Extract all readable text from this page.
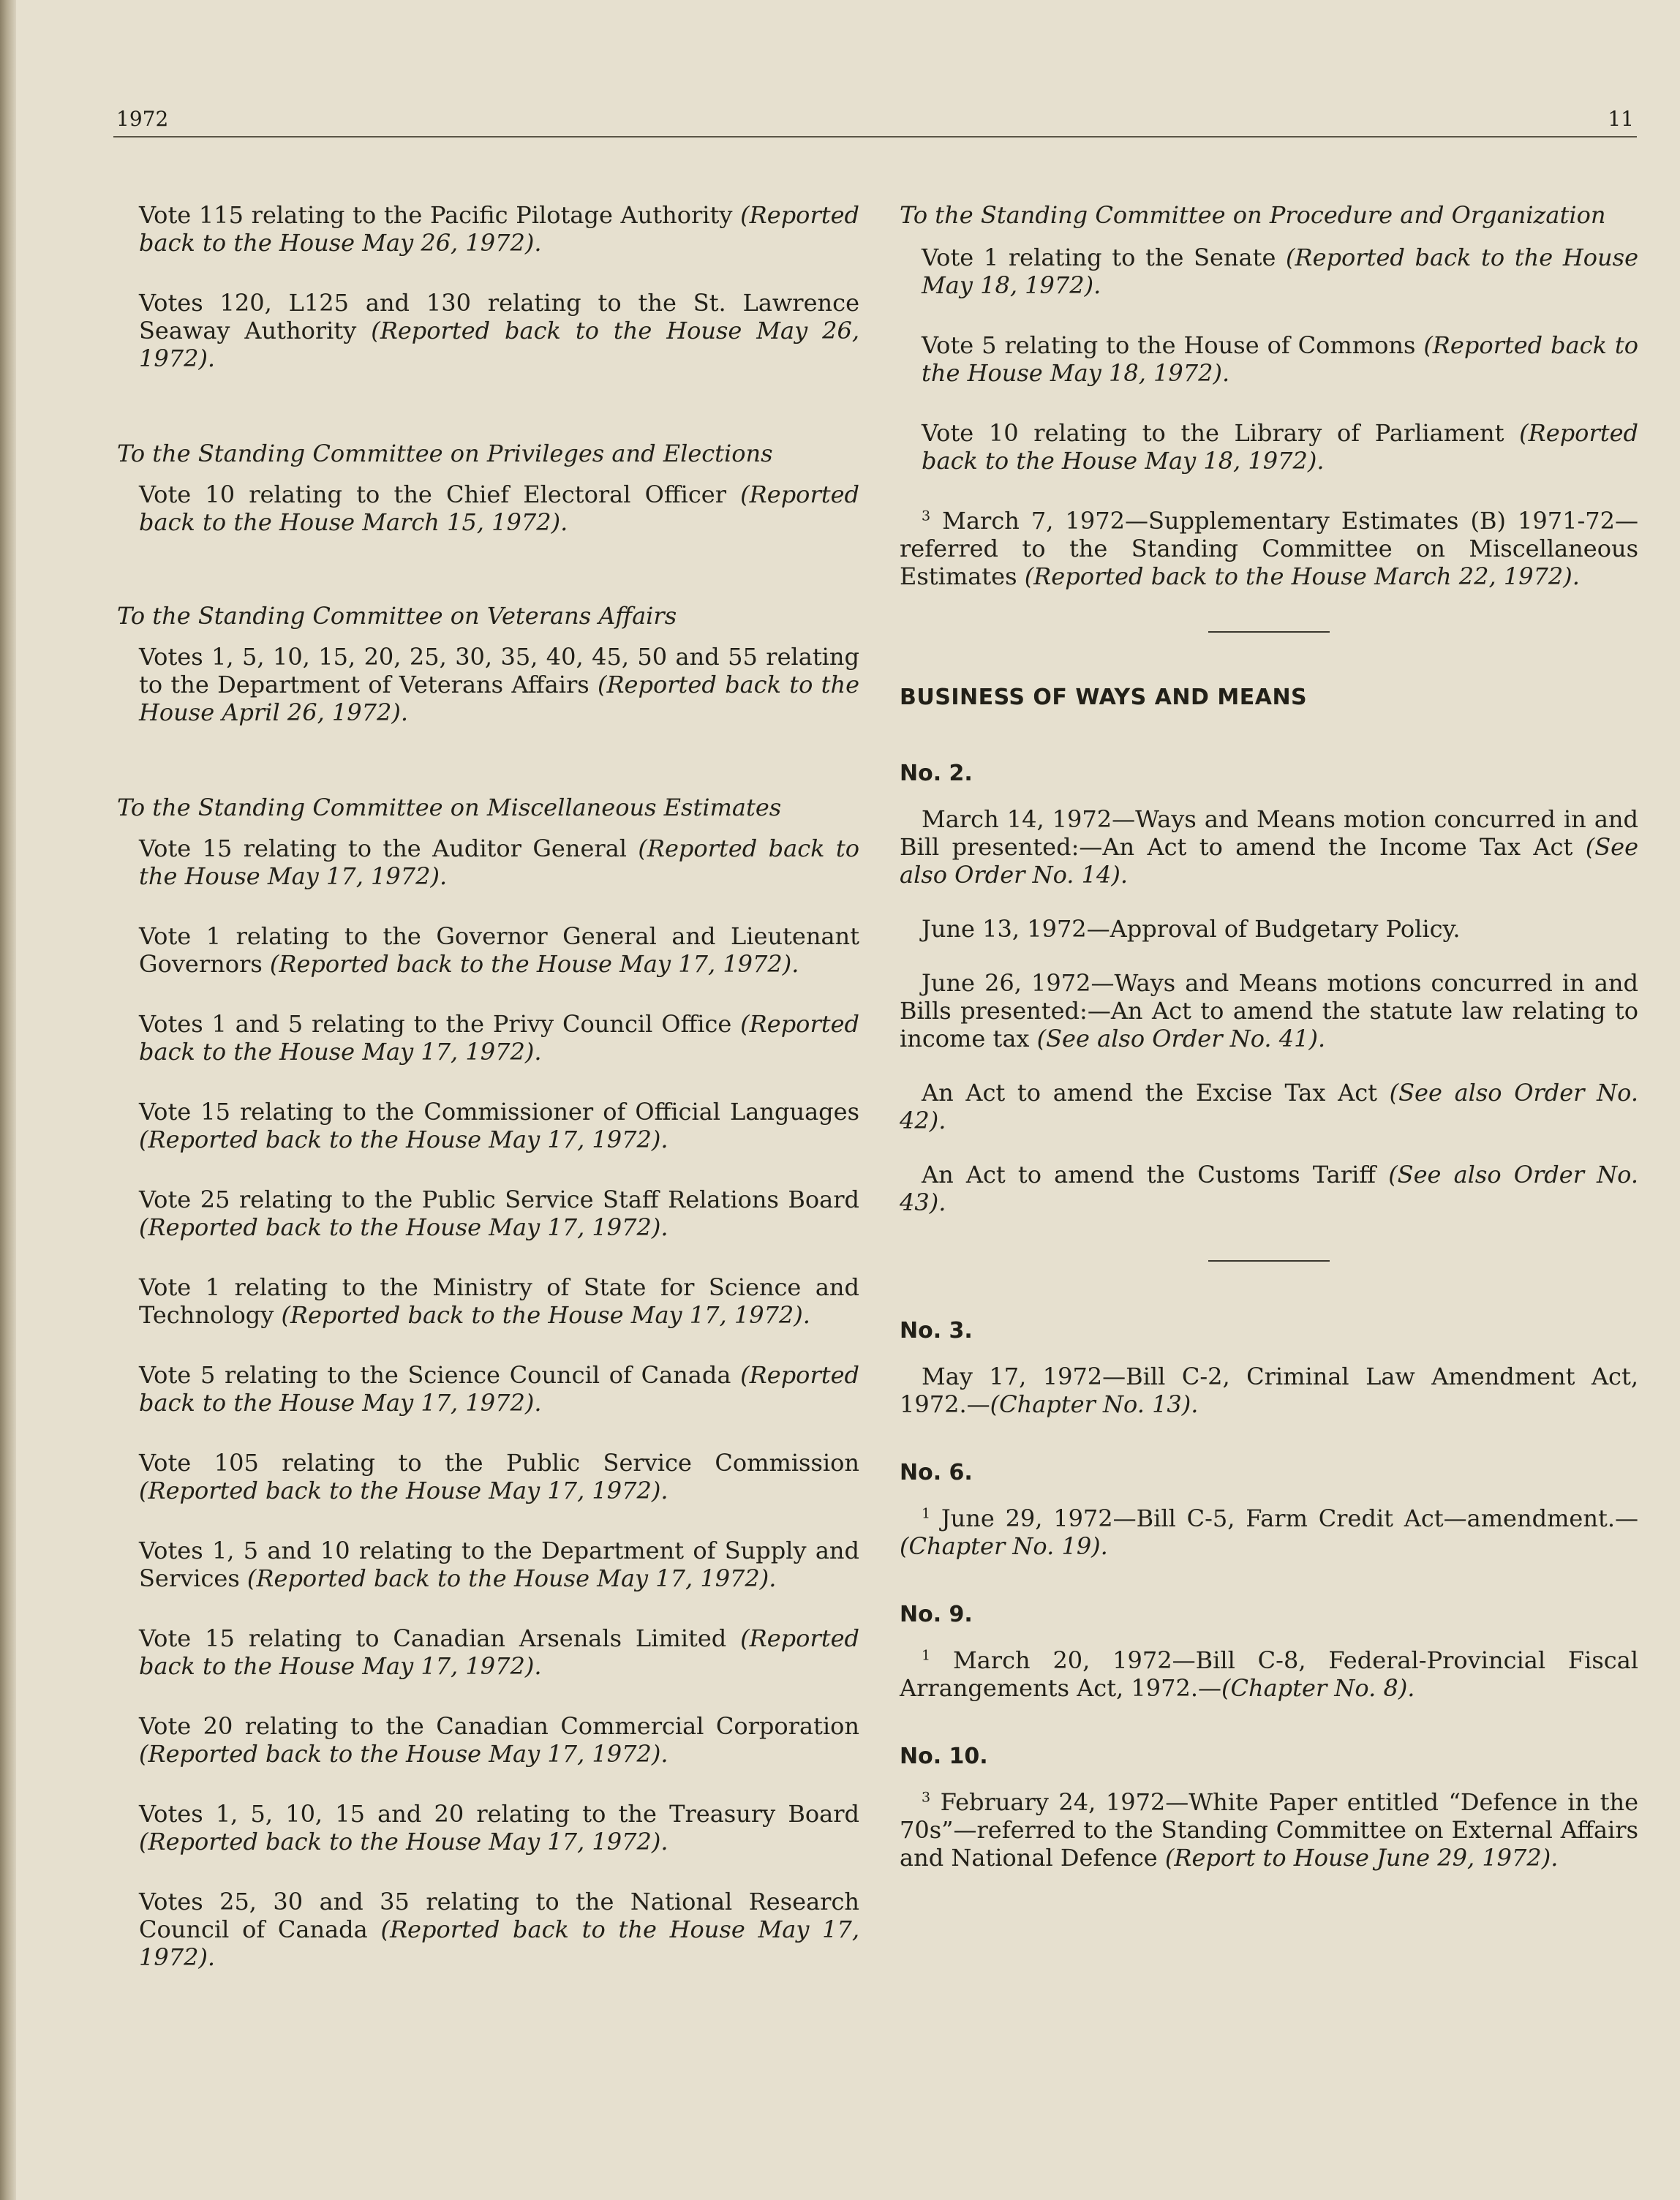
1972	11
Vote 115 relating to the Pacific Pilotage Authority (Reported back to the House May 26, 1972).
Votes 120, L125 and 130 relating to the St. Lawrence Seaway Authority (Reported back to the House May 26, 1972).
To the Standing Committee on Privileges and Elections
Vote 10 relating to the Chief Electoral Officer (Reported back to the House March 15, 1972).
To the Standing Committee on Veterans Affairs
Votes 1, 5, 10, 15, 20, 25, 30, 35, 40, 45, 50 and 55 relating to the Department of Veterans Affairs (Reported back to the House April 26, 1972).
To the Standing Committee on Miscellaneous Estimates
Vote 15 relating to the Auditor General (Reported back to the House May 17, 1972).
Vote 1 relating to the Governor General and Lieutenant Governors (Reported back to the House May 17, 1972).
Votes 1 and 5 relating to the Privy Council Office (Reported back to the House May 17, 1972).
Vote 15 relating to the Commissioner of Official Languages (Reported back to the House May 17, 1972).
Vote 25 relating to the Public Service Staff Relations Board (Reported back to the House May 17, 1972).
Vote 1 relating to the Ministry of State for Science and Technology (Reported back to the House May 17, 1972).
Vote 5 relating to the Science Council of Canada (Reported back to the House May 17, 1972).
Vote 105 relating to the Public Service Commission (Reported back to the House May 17, 1972).
Votes 1, 5 and 10 relating to the Department of Supply and Services (Reported back to the House May 17, 1972).
Vote 15 relating to Canadian Arsenals Limited (Reported back to the House May 17, 1972).
Vote 20 relating to the Canadian Commercial Corporation (Reported back to the House May 17, 1972).
Votes 1, 5, 10, 15 and 20 relating to the Treasury Board (Reported back to the House May 17, 1972).
Votes 25, 30 and 35 relating to the National Research Council of Canada (Reported back to the House May 17, 1972).
To the Standing Committee on Procedure and Organization
Vote 1 relating to the Senate (Reported back to the House May 18, 1972).
Vote 5 relating to the House of Commons (Reported back to the House May 18, 1972).
Vote 10 relating to the Library of Parliament (Reported back to the House May 18, 1972).
$^3$ March 7, 1972—Supplementary Estimates (B) 1971-72—referred to the Standing Committee on Miscellaneous Estimates (Reported back to the House March 22, 1972).
BUSINESS OF WAYS AND MEANS
No. 2.
March 14, 1972—Ways and Means motion concurred in and Bill presented:—An Act to amend the Income Tax Act (See also Order No. 14).
June 13, 1972—Approval of Budgetary Policy.
June 26, 1972—Ways and Means motions concurred in and Bills presented:—An Act to amend the statute law relating to income tax (See also Order No. 41).
An Act to amend the Excise Tax Act (See also Order No. 42).
An Act to amend the Customs Tariff (See also Order No. 43).
No. 3.
May 17, 1972—Bill C-2, Criminal Law Amendment Act, 1972.—(Chapter No. 13).
No. 6.
$^1$ June 29, 1972—Bill C-5, Farm Credit Act—amendment.—(Chapter No. 19).
No. 9.
$^1$ March 20, 1972—Bill C-8, Federal-Provincial Fiscal Arrangements Act, 1972.—(Chapter No. 8).
No. 10.
$^3$ February 24, 1972—White Paper entitled “Defence in the 70s”—referred to the Standing Committee on External Affairs and National Defence (Report to House June 29, 1972).
